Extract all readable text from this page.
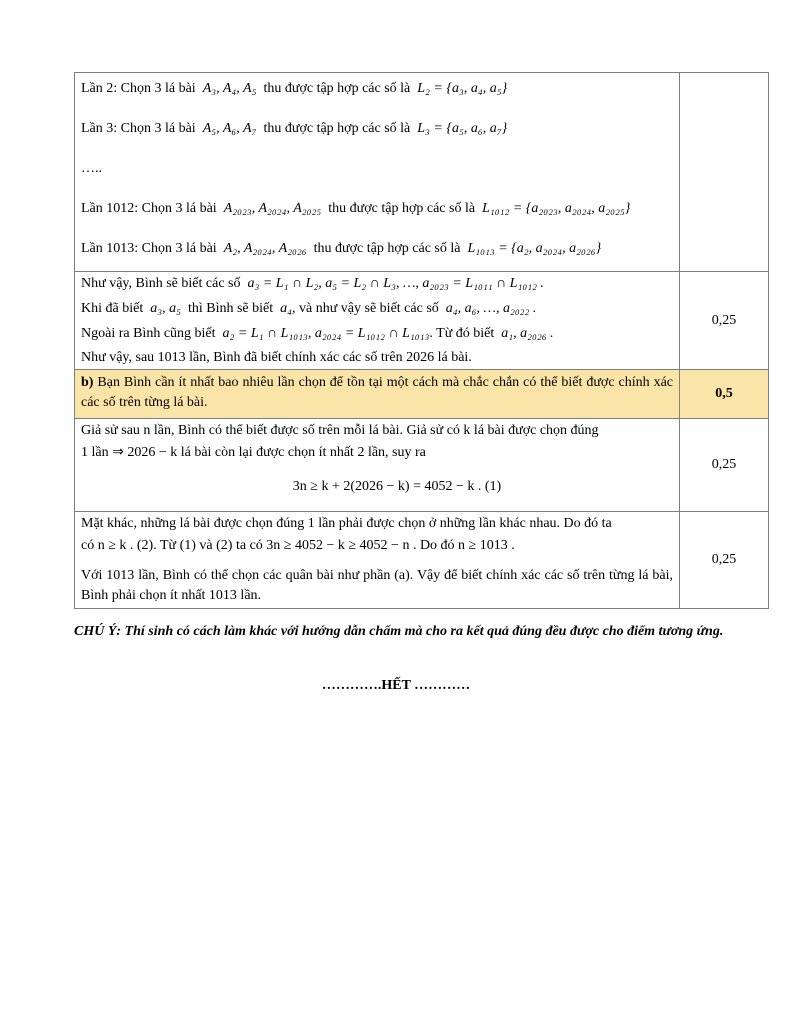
Lần 2: Chọn 3 lá bài A₃, A₄, A₅ thu được tập hợp các số là L₂ = {a₃, a₄, a₅}

Lần 3: Chọn 3 lá bài A₅, A₆, A₇ thu được tập hợp các số là L₃ = {a₅, a₆, a₇}

…..

Lần 1012: Chọn 3 lá bài A₂₀₂₃, A₂₀₂₄, A₂₀₂₅ thu được tập hợp các số là L₁₀₁₂ = {a₂₀₂₃, a₂₀₂₄, a₂₀₂₅}

Lần 1013: Chọn 3 lá bài A₂, A₂₀₂₄, A₂₀₂₆ thu được tập hợp các số là L₁₀₁₃ = {a₂, a₂₀₂₄, a₂₀₂₆}	

Như vậy, Bình sẽ biết các số a₃ = L₁ ∩ L₂, a₅ = L₂ ∩ L₃, …, a₂₀₂₃ = L₁₀₁₁ ∩ L₁₀₁₂ .

Khi đã biết a₃, a₅ thì Bình sẽ biết a₄, và như vậy sẽ biết các số a₄, a₆, …, a₂₀₂₂ .

Ngoài ra Bình cũng biết a₂ = L₁ ∩ L₁₀₁₃, a₂₀₂₄ = L₁₀₁₂ ∩ L₁₀₁₃. Từ đó biết a₁, a₂₀₂₆ .

Như vậy, sau 1013 lần, Bình đã biết chính xác các số trên 2026 lá bài.	0,25

b) Bạn Bình cần ít nhất bao nhiêu lần chọn để tồn tại một cách mà chắc chắn có thể biết được chính xác các số trên từng lá bài.	0,5

Giả sử sau n lần, Bình có thể biết được số trên mỗi lá bài. Giả sử có k lá bài được chọn đúng

1 lần ⇒ 2026 − k lá bài còn lại được chọn ít nhất 2 lần, suy ra

3n ≥ k + 2(2026 − k) = 4052 − k . (1)	0,25

Mặt khác, những lá bài được chọn đúng 1 lần phải được chọn ở những lần khác nhau. Do đó ta

có n ≥ k . (2). Từ (1) và (2) ta có 3n ≥ 4052 − k ≥ 4052 − n . Do đó n ≥ 1013 .

Với 1013 lần, Bình có thể chọn các quân bài như phần (a). Vậy để biết chính xác các số trên từng lá bài, Bình phải chọn ít nhất 1013 lần.	0,25
CHÚ Ý: Thí sinh có cách làm khác với hướng dẫn chấm mà cho ra kết quả đúng đều được cho điểm tương ứng.
………….HẾT …………
